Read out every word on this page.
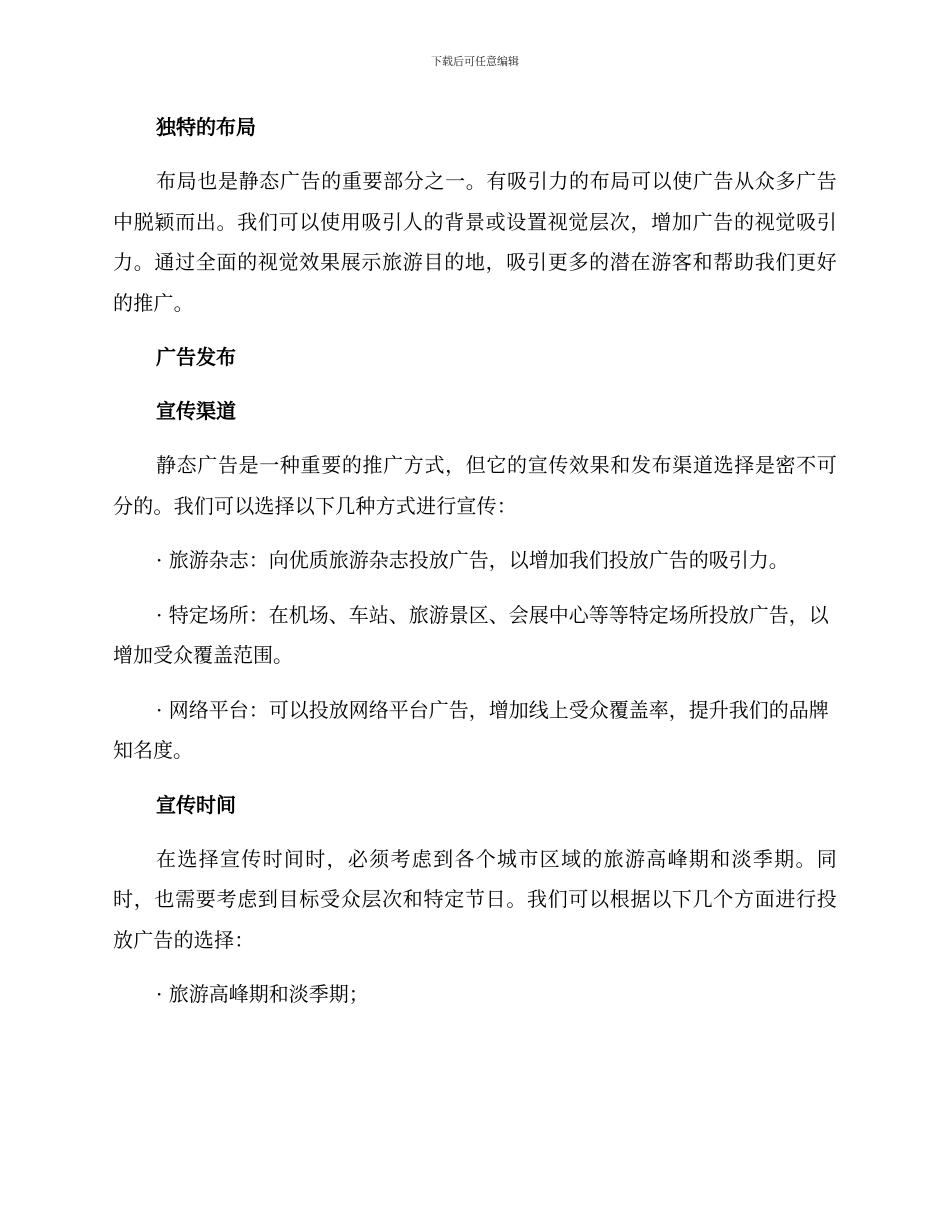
下载后可任意编辑
独特的布局

布局也是静态广告的重要部分之一。有吸引力的布局可以使广告从众多广告中脱颖而出。我们可以使用吸引人的背景或设置视觉层次，增加广告的视觉吸引力。通过全面的视觉效果展示旅游目的地，吸引更多的潜在游客和帮助我们更好的推广。

广告发布
宣传渠道

静态广告是一种重要的推广方式，但它的宣传效果和发布渠道选择是密不可分的。我们可以选择以下几种方式进行宣传：

· 旅游杂志：向优质旅游杂志投放广告，以增加我们投放广告的吸引力。

· 特定场所：在机场、车站、旅游景区、会展中心等等特定场所投放广告，以增加受众覆盖范围。

· 网络平台：可以投放网络平台广告，增加线上受众覆盖率，提升我们的品牌知名度。

宣传时间

在选择宣传时间时，必须考虑到各个城市区域的旅游高峰期和淡季期。同时，也需要考虑到目标受众层次和特定节日。我们可以根据以下几个方面进行投放广告的选择：

· 旅游高峰期和淡季期；
